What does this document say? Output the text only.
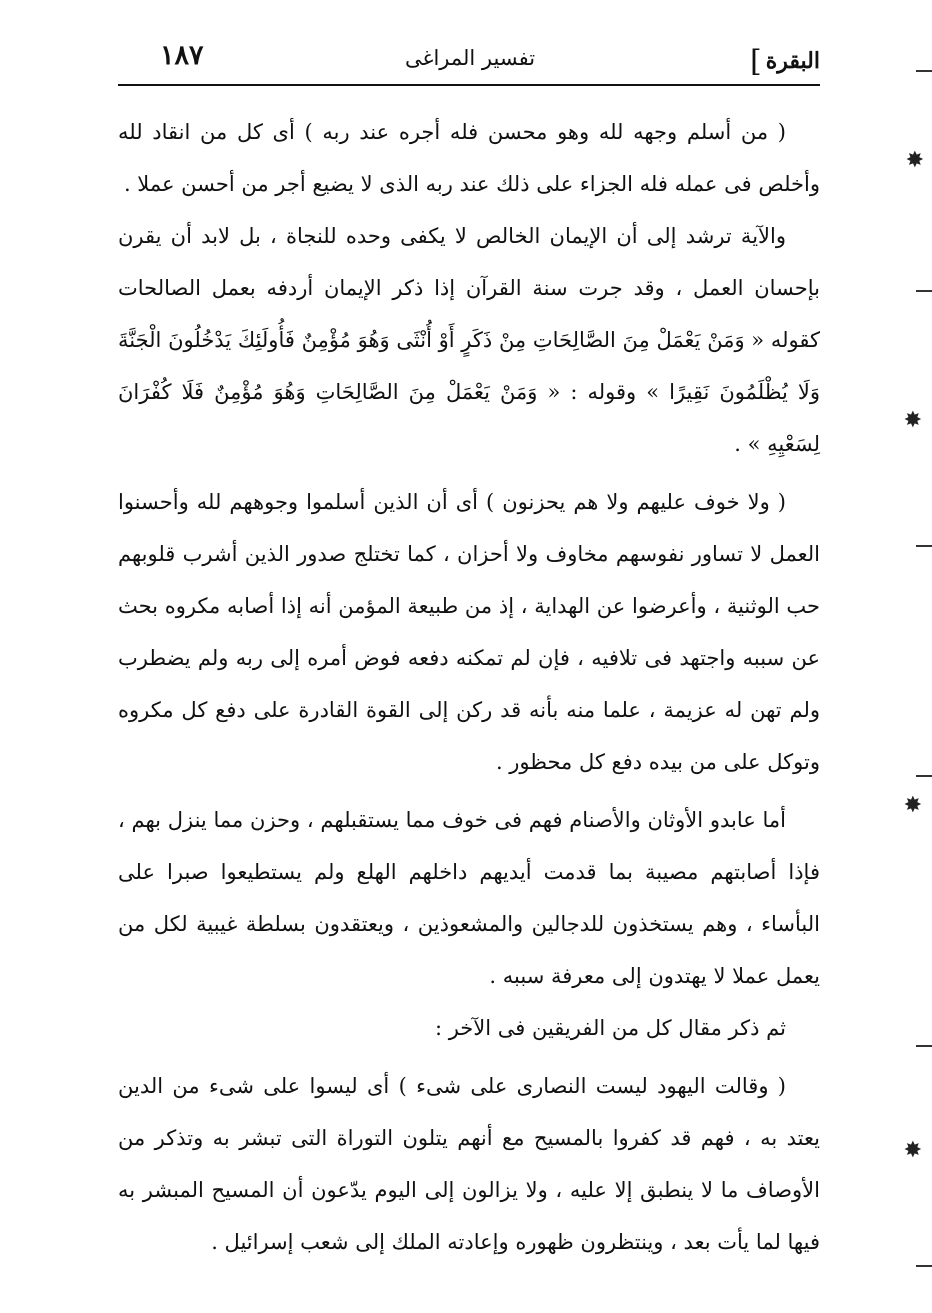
البقرة]
تفسير المراغى
١٨٧

( من أسلم وجهه لله وهو محسن فله أجره عند ربه ) أى كل من انقاد لله وأخلص فى عمله فله الجزاء على ذلك عند ربه الذى لا يضيع أجر من أحسن عملا .

والآية ترشد إلى أن الإيمان الخالص لا يكفى وحده للنجاة ، بل لابد أن يقرن بإحسان العمل ، وقد جرت سنة القرآن إذا ذكر الإيمان أردفه بعمل الصالحات كقوله « وَمَنْ يَعْمَلْ مِنَ الصَّالِحَاتِ مِنْ ذَكَرٍ أَوْ أُنْثَى وَهُوَ مُؤْمِنٌ فَأُولَئِكَ يَدْخُلُونَ الْجَنَّةَ وَلَا يُظْلَمُونَ نَقِيرًا » وقوله : « وَمَنْ يَعْمَلْ مِنَ الصَّالِحَاتِ وَهُوَ مُؤْمِنٌ فَلَا كُفْرَانَ لِسَعْيِهِ » .

( ولا خوف عليهم ولا هم يحزنون ) أى أن الذين أسلموا وجوههم لله وأحسنوا العمل لا تساور نفوسهم مخاوف ولا أحزان ، كما تختلج صدور الذين أشرب قلوبهم حب الوثنية ، وأعرضوا عن الهداية ، إذ من طبيعة المؤمن أنه إذا أصابه مكروه بحث عن سببه واجتهد فى تلافيه ، فإن لم تمكنه دفعه فوض أمره إلى ربه ولم يضطرب ولم تهن له عزيمة ، علما منه بأنه قد ركن إلى القوة القادرة على دفع كل مكروه وتوكل على من بيده دفع كل محظور .

أما عابدو الأوثان والأصنام فهم فى خوف مما يستقبلهم ، وحزن مما ينزل بهم ، فإذا أصابتهم مصيبة بما قدمت أيديهم داخلهم الهلع ولم يستطيعوا صبرا على البأساء ، وهم يستخذون للدجالين والمشعوذين ، ويعتقدون بسلطة غيبية لكل من يعمل عملا لا يهتدون إلى معرفة سببه .

ثم ذكر مقال كل من الفريقين فى الآخر :

( وقالت اليهود ليست النصارى على شىء ) أى ليسوا على شىء من الدين يعتد به ، فهم قد كفروا بالمسيح مع أنهم يتلون التوراة التى تبشر به وتذكر من الأوصاف ما لا ينطبق إلا عليه ، ولا يزالون إلى اليوم يدّعون أن المسيح المبشر به فيها لما يأت بعد ، وينتظرون ظهوره وإعادته الملك إلى شعب إسرائيل .

✸
✸
✸
✸
